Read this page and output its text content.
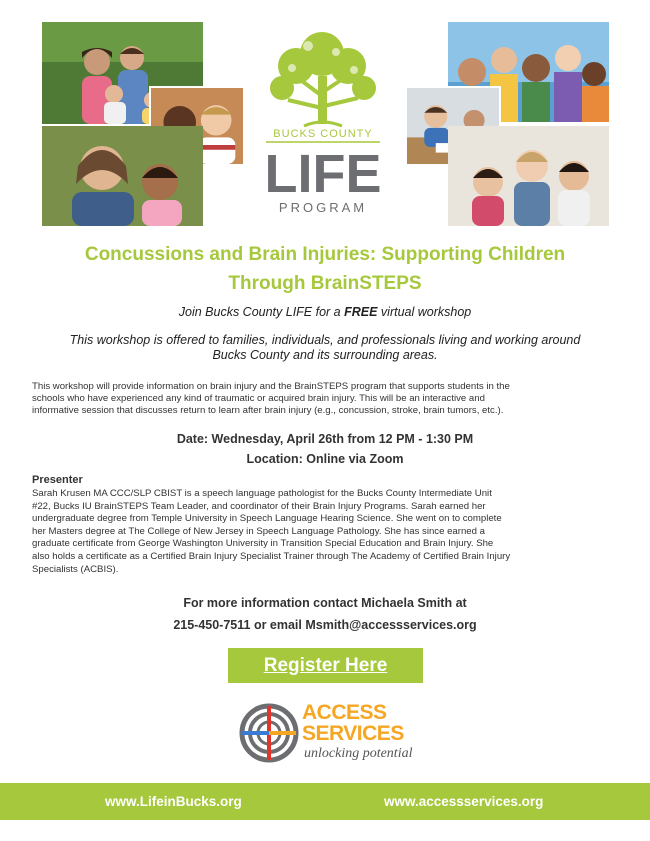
BUCKS COUNTY
LIFE
PROGRAM
Concussions and Brain Injuries: Supporting Children
Through BrainSTEPS
Join Bucks County LIFE for a FREE virtual workshop
This workshop is offered to families, individuals, and professionals living and working around
Bucks County and its surrounding areas.
This workshop will provide information on brain injury and the BrainSTEPS program that supports students in the
schools who have experienced any kind of traumatic or acquired brain injury. This will be an interactive and
informative session that discusses return to learn after brain injury (e.g., concussion, stroke, brain tumors, etc.).
Date: Wednesday, April 26th from 12 PM - 1:30 PM
Location: Online via Zoom
Presenter
Sarah Krusen MA CCC/SLP CBIST is a speech language pathologist for the Bucks County Intermediate Unit
#22, Bucks IU BrainSTEPS Team Leader, and coordinator of their Brain Injury Programs. Sarah earned her
undergraduate degree from Temple University in Speech Language Hearing Science. She went on to complete
her Masters degree at The College of New Jersey in Speech Language Pathology. She has since earned a
graduate certificate from George Washington University in Transition Special Education and Brain Injury. She
also holds a certificate as a Certified Brain Injury Specialist Trainer through The Academy of Certified Brain Injury
Specialists (ACBIS).
For more information contact Michaela Smith at
215-450-7511 or email Msmith@accessservices.org
Register Here
ACCESS
SERVICES
unlocking potential
www.LifeinBucks.org	www.accessservices.org
